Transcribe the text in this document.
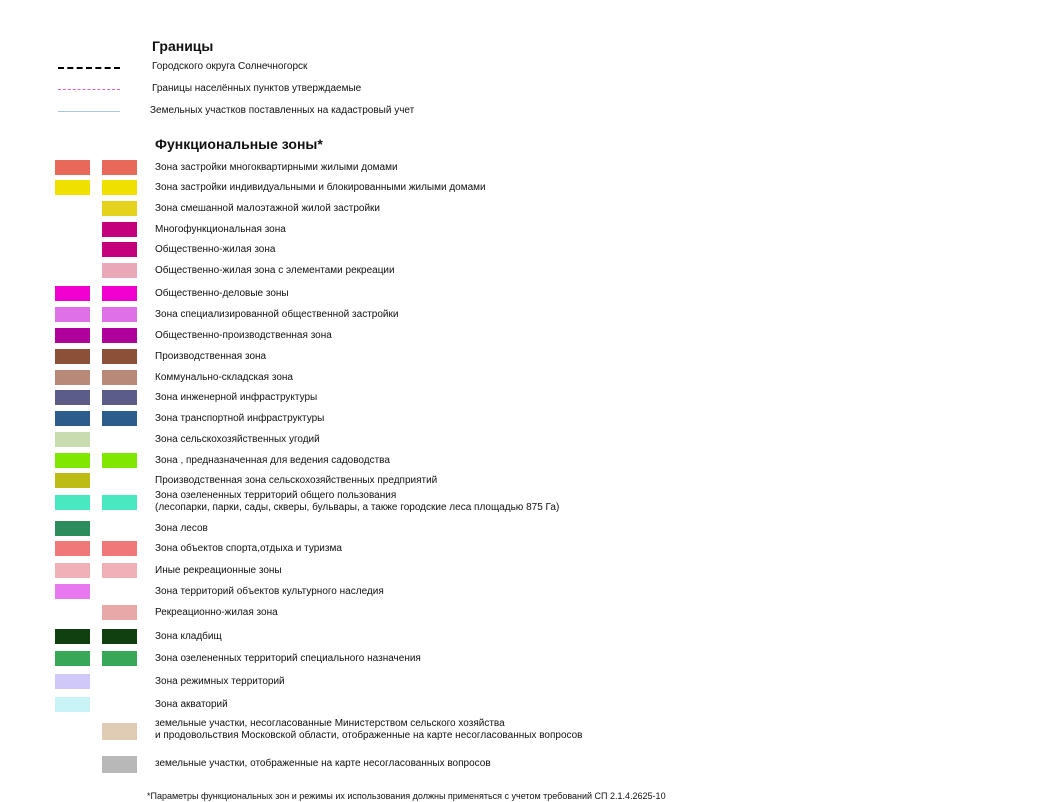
Границы
Городского округа Солнечногорск
Границы населённых пунктов утверждаемые
Земельных участков поставленных на кадастровый учет
Функциональные зоны*
Зона застройки многоквартирными жилыми домами
Зона застройки индивидуальными и блокированными жилыми домами
Зона смешанной малоэтажной жилой застройки
Многофункциональная зона
Общественно-жилая зона
Общественно-жилая зона с элементами рекреации
Общественно-деловые зоны
Зона специализированной общественной застройки
Общественно-производственная зона
Производственная зона
Коммунально-складская зона
Зона инженерной инфраструктуры
Зона транспортной инфраструктуры
Зона сельскохозяйственных угодий
Зона , предназначенная для ведения садоводства
Производственная зона сельскохозяйственных предприятий
Зона озелененных территорий общего пользования
(лесопарки, парки, сады, скверы, бульвары, а также городские леса площадью 875 Га)
Зона лесов
Зона объектов спорта,отдыха и туризма
Иные рекреационные зоны
Зона территорий объектов культурного наследия
Рекреационно-жилая зона
Зона кладбищ
Зона озелененных территорий специального назначения
Зона режимных территорий
Зона акваторий
земельные участки, несогласованные Министерством сельского хозяйства
и продовольствия Московской области, отображенные на карте несогласованных вопросов
земельные участки, отображенные на карте несогласованных вопросов
*Параметры функциональных зон и режимы их использования должны применяться с учетом требований СП 2.1.4.2625-10
